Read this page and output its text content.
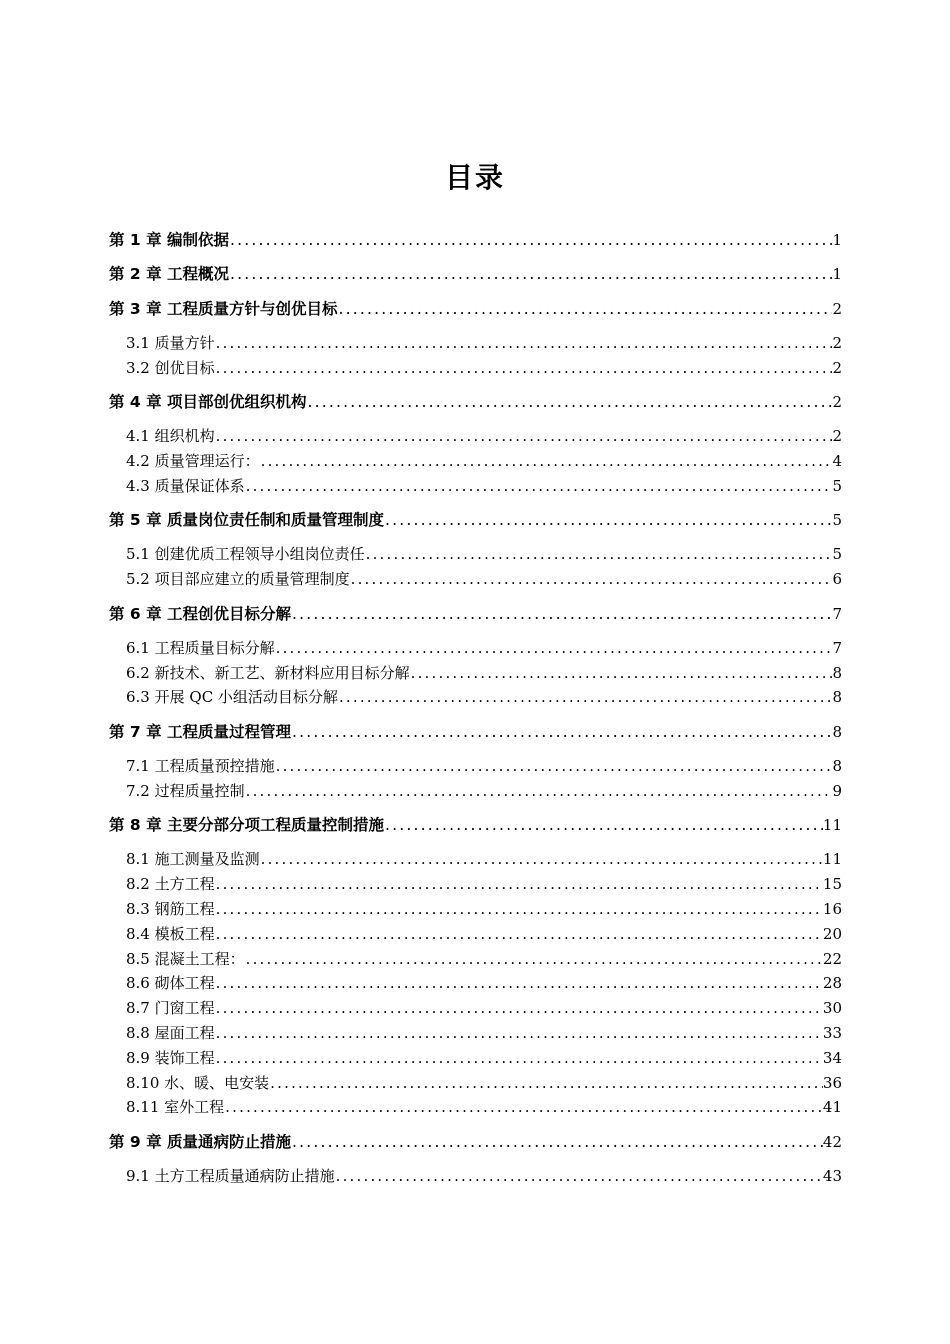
目录
第 1 章 编制依据 .....	1
第 2 章 工程概况 .....	1
第 3 章 工程质量方针与创优目标 .....	2
3.1 质量方针 .....	2
3.2 创优目标 .....	2
第 4 章 项目部创优组织机构 .....	2
4.1 组织机构 .....	2
4.2 质量管理运行： .....	4
4.3 质量保证体系 .....	5
第 5 章 质量岗位责任制和质量管理制度 .....	5
5.1 创建优质工程领导小组岗位责任 .....	5
5.2 项目部应建立的质量管理制度 .....	6
第 6 章 工程创优目标分解 .....	7
6.1 工程质量目标分解 .....	7
6.2 新技术、新工艺、新材料应用目标分解 .....	8
6.3 开展 QC 小组活动目标分解 .....	8
第 7 章 工程质量过程管理 .....	8
7.1 工程质量预控措施 .....	8
7.2 过程质量控制 .....	9
第 8 章 主要分部分项工程质量控制措施 .....	11
8.1 施工测量及监测 .....	11
8.2 土方工程 .....	15
8.3 钢筋工程 .....	16
8.4 模板工程 .....	20
8.5 混凝土工程： .....	22
8.6 砌体工程 .....	28
8.7 门窗工程 .....	30
8.8 屋面工程 .....	33
8.9 装饰工程 .....	34
8.10 水、暖、电安装 .....	36
8.11 室外工程 .....	41
第 9 章 质量通病防止措施 .....	42
9.1 土方工程质量通病防止措施 .....	43
